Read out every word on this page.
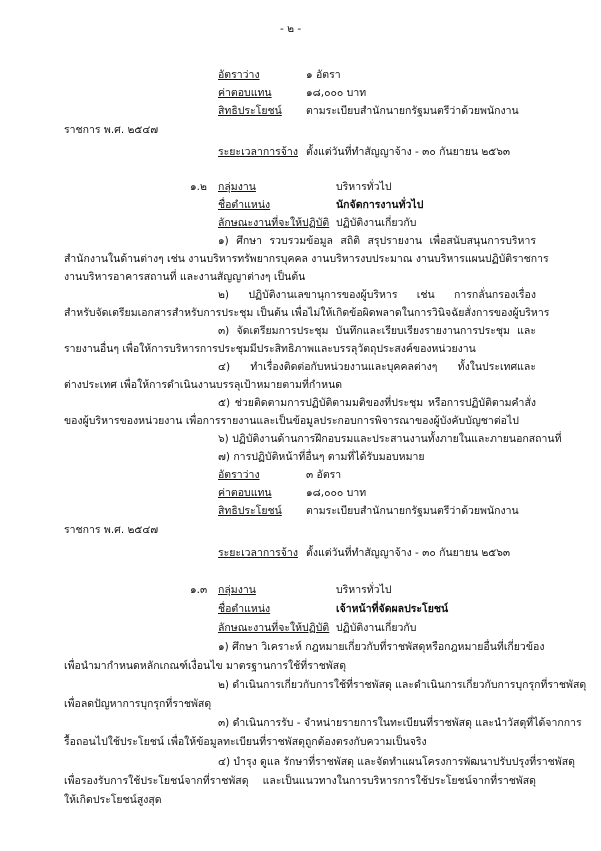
- ๒ -
อัตราว่าง	๑ อัตรา
ค่าตอบแทน	๑๘,๐๐๐ บาท
สิทธิประโยชน์ ตามระเบียบสำนักนายกรัฐมนตรีว่าด้วยพนักงาน
ราชการ พ.ศ. ๒๕๔๗
ระยะเวลาการจ้าง ตั้งแต่วันที่ทำสัญญาจ้าง - ๓๐ กันยายน ๒๕๖๓
๑.๒ กลุ่มงาน	บริหารทั่วไป
ชื่อตำแหน่ง	นักจัดการงานทั่วไป
ลักษณะงานที่จะให้ปฏิบัติ ปฏิบัติงานเกี่ยวกับ
๑) ศึกษา รวบรวมข้อมูล สถิติ สรุปรายงาน เพื่อสนับสนุนการบริหาร
สำนักงานในด้านต่างๆ เช่น งานบริหารทรัพยากรบุคคล งานบริหารงบประมาณ งานบริหารแผนปฏิบัติราชการ
งานบริหารอาคารสถานที่ และงานสัญญาต่างๆ เป็นต้น
๒) ปฏิบัติงานเลขานุการของผู้บริหาร เช่น การกลั่นกรองเรื่อง
สำหรับจัดเตรียมเอกสารสำหรับการประชุม เป็นต้น เพื่อไม่ให้เกิดข้อผิดพลาดในการวินิจฉัยสั่งการของผู้บริหาร
๓) จัดเตรียมการประชุม บันทึกและเรียบเรียงรายงานการประชุม และ
รายงานอื่นๆ เพื่อให้การบริหารการประชุมมีประสิทธิภาพและบรรลุวัตถุประสงค์ของหน่วยงาน
๔) ทำเรื่องติดต่อกับหน่วยงานและบุคคลต่างๆ ทั้งในประเทศและ
ต่างประเทศ เพื่อให้การดำเนินงานบรรลุเป้าหมายตามที่กำหนด
๕) ช่วยติดตามการปฏิบัติตามมติของที่ประชุม หรือการปฏิบัติตามคำสั่ง
ของผู้บริหารของหน่วยงาน เพื่อการรายงานและเป็นข้อมูลประกอบการพิจารณาของผู้บังคับบัญชาต่อไป
๖) ปฏิบัติงานด้านการฝึกอบรมและประสานงานทั้งภายในและภายนอกสถานที่
๗) การปฏิบัติหน้าที่อื่นๆ ตามที่ได้รับมอบหมาย
อัตราว่าง	๓ อัตรา
ค่าตอบแทน	๑๘,๐๐๐ บาท
สิทธิประโยชน์ ตามระเบียบสำนักนายกรัฐมนตรีว่าด้วยพนักงาน
ราชการ พ.ศ. ๒๕๔๗
ระยะเวลาการจ้าง ตั้งแต่วันที่ทำสัญญาจ้าง - ๓๐ กันยายน ๒๕๖๓
๑.๓ กลุ่มงาน	บริหารทั่วไป
ชื่อตำแหน่ง	เจ้าหน้าที่จัดผลประโยชน์
ลักษณะงานที่จะให้ปฏิบัติ ปฏิบัติงานเกี่ยวกับ
๑) ศึกษา วิเคราะห์ กฎหมายเกี่ยวกับที่ราชพัสดุหรือกฎหมายอื่นที่เกี่ยวข้อง
เพื่อนำมากำหนดหลักเกณฑ์เงื่อนไข มาตรฐานการใช้ที่ราชพัสดุ
๒) ดำเนินการเกี่ยวกับการใช้ที่ราชพัสดุ และดำเนินการเกี่ยวกับการบุกรุกที่ราชพัสดุ
เพื่อลดปัญหาการบุกรุกที่ราชพัสดุ
๓) ดำเนินการรับ - จำหน่ายรายการในทะเบียนที่ราชพัสดุ และนำวัสดุที่ได้จากการ
รื้อถอนไปใช้ประโยชน์ เพื่อให้ข้อมูลทะเบียนที่ราชพัสดุถูกต้องตรงกับความเป็นจริง
๔) บำรุง ดูแล รักษาที่ราชพัสดุ และจัดทำแผนโครงการพัฒนาปรับปรุงที่ราชพัสดุ
เพื่อรองรับการใช้ประโยชน์จากที่ราชพัสดุ และเป็นแนวทางในการบริหารการใช้ประโยชน์จากที่ราชพัสดุ
ให้เกิดประโยชน์สูงสุด
